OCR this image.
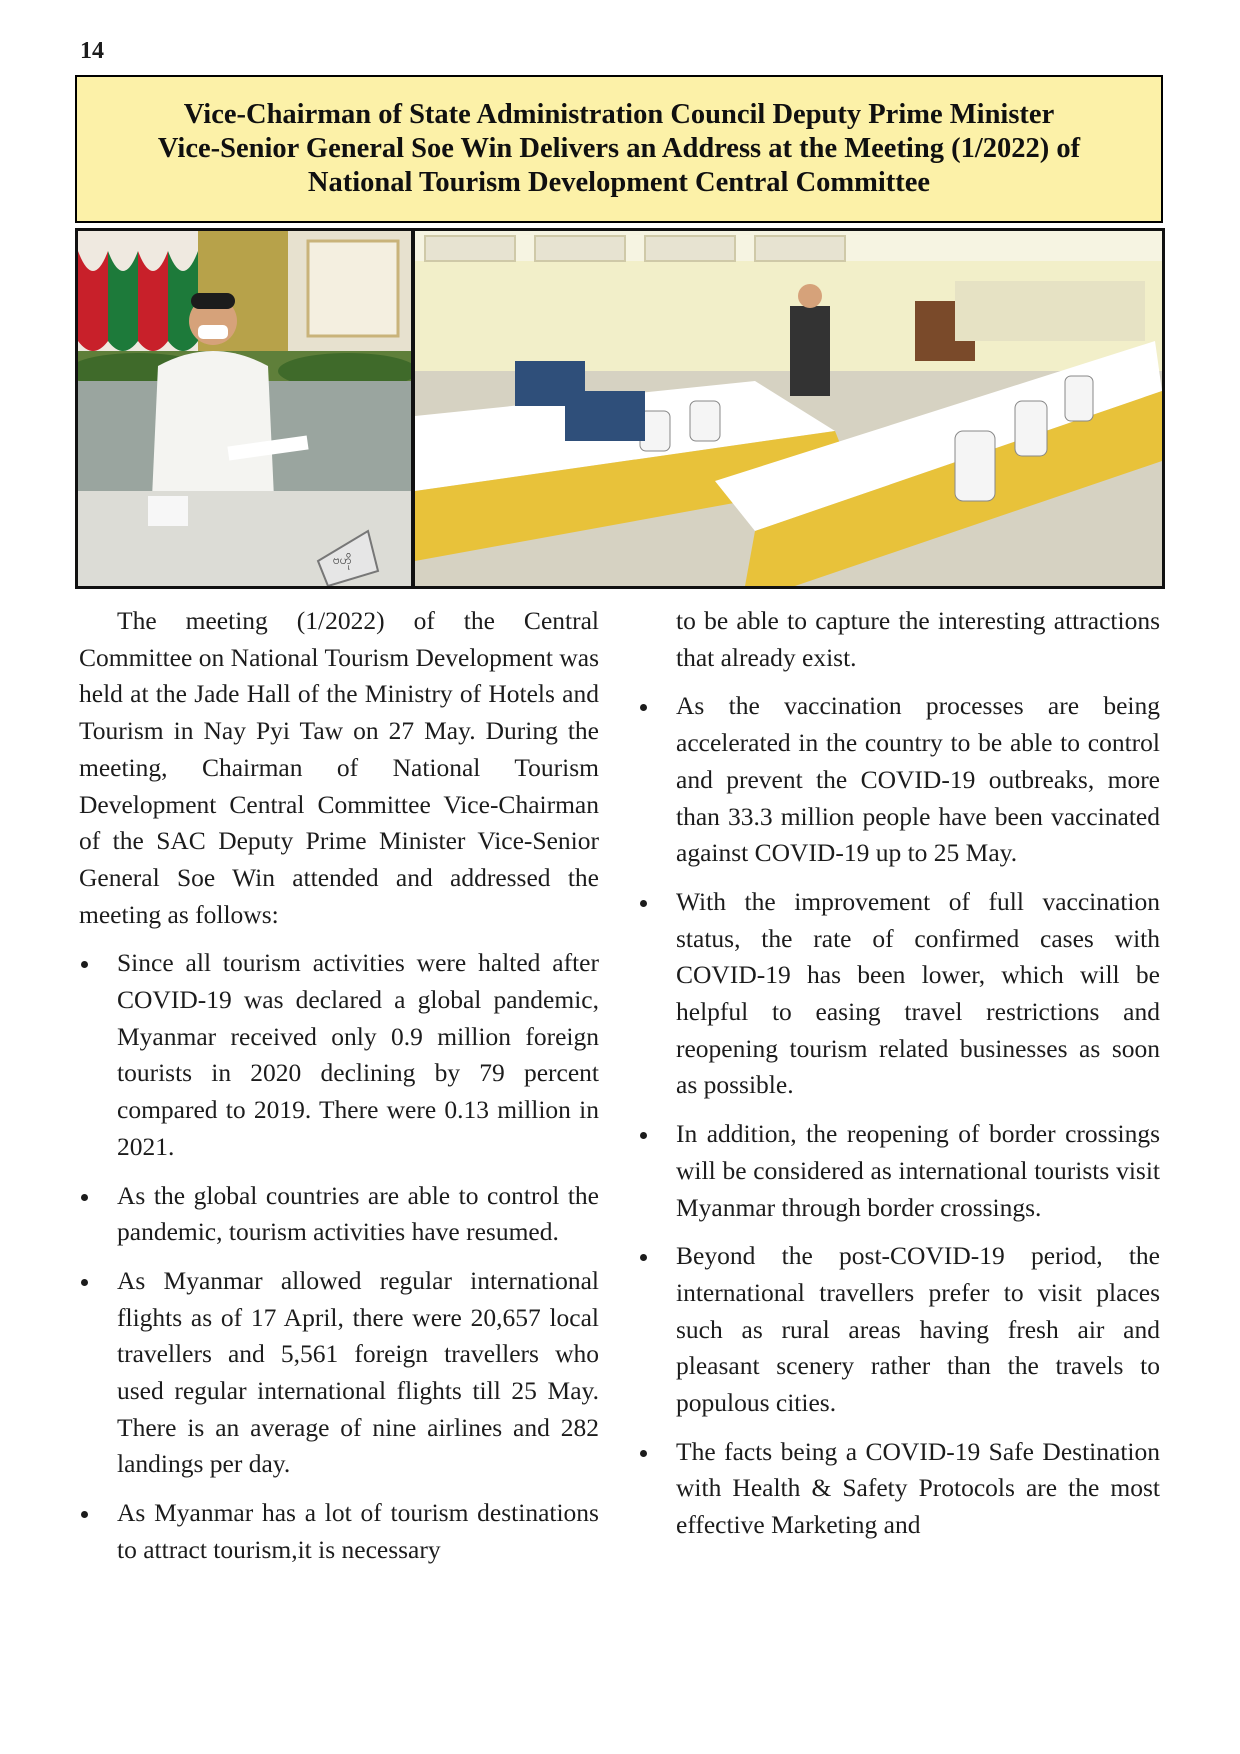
14
Vice-Chairman of State Administration Council Deputy Prime Minister
Vice-Senior General Soe Win Delivers an Address at the Meeting (1/2022) of
National Tourism Development Central Committee
ဗဟို

The meeting (1/2022) of the Central Committee on National Tourism Development was held at the Jade Hall of the Ministry of Hotels and Tourism in Nay Pyi Taw on 27 May. During the meeting, Chairman of National Tourism Development Central Committee Vice-Chairman of the SAC Deputy Prime Minister Vice-Senior General Soe Win attended and addressed the meeting as follows:

Since all tourism activities were halted after COVID-19 was declared a global pandemic, Myanmar received only 0.9 million foreign tourists in 2020 declining by 79 percent compared to 2019. There were 0.13 million in 2021.
As the global countries are able to control the pandemic, tourism activities have resumed.
As Myanmar allowed regular international flights as of 17 April, there were 20,657 local travellers and 5,561 foreign travellers who used regular international flights till 25 May. There is an average of nine airlines and 282 landings per day.
As Myanmar has a lot of tourism destinations to attract tourism,it is necessary

to be able to capture the interesting attractions that already exist.

As the vaccination processes are being accelerated in the country to be able to control and prevent the COVID-19 outbreaks, more than 33.3 million people have been vaccinated against COVID-19 up to 25 May.
With the improvement of full vaccination status, the rate of confirmed cases with COVID-19 has been lower, which will be helpful to easing travel restrictions and reopening tourism related businesses as soon as possible.
In addition, the reopening of border crossings will be considered as international tourists visit Myanmar through border crossings.
Beyond the post-COVID-19 period, the international travellers prefer to visit places such as rural areas having fresh air and pleasant scenery rather than the travels to populous cities.
The facts being a COVID-19 Safe Destination with Health & Safety Protocols are the most effective Marketing and
